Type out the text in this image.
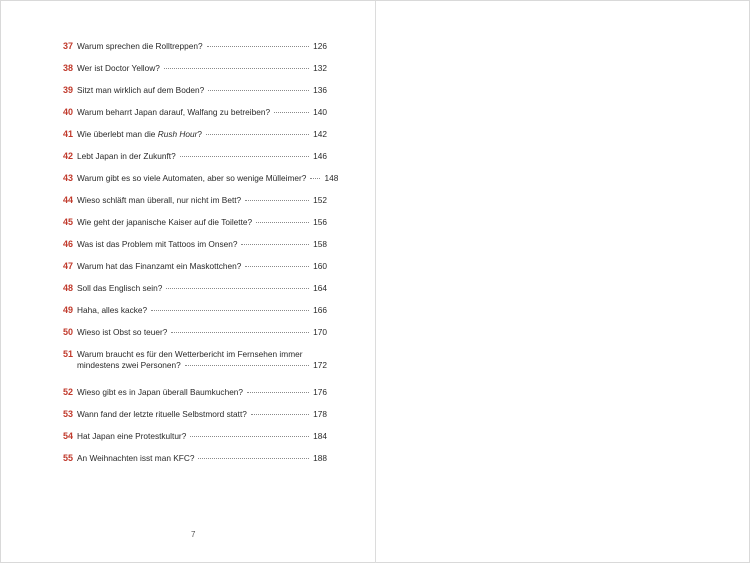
37 Warum sprechen die Rolltreppen?	126
38 Wer ist Doctor Yellow?	132
39 Sitzt man wirklich auf dem Boden?	136
40 Warum beharrt Japan darauf, Walfang zu betreiben?	140
41 Wie überlebt man die Rush Hour?	142
42 Lebt Japan in der Zukunft?	146
43 Warum gibt es so viele Automaten, aber so wenige Mülleimer? 148
44 Wieso schläft man überall, nur nicht im Bett?	152
45 Wie geht der japanische Kaiser auf die Toilette?	156
46 Was ist das Problem mit Tattoos im Onsen?	158
47 Warum hat das Finanzamt ein Maskottchen?	160
48 Soll das Englisch sein?	164
49 Haha, alles kacke?	166
50 Wieso ist Obst so teuer?	170
51 Warum braucht es für den Wetterbericht im Fernsehen immer
mindestens zwei Personen?	172
52 Wieso gibt es in Japan überall Baumkuchen?	176
53 Wann fand der letzte rituelle Selbstmord statt?	178
54 Hat Japan eine Protestkultur?	184
55 An Weihnachten isst man KFC?	188
7
